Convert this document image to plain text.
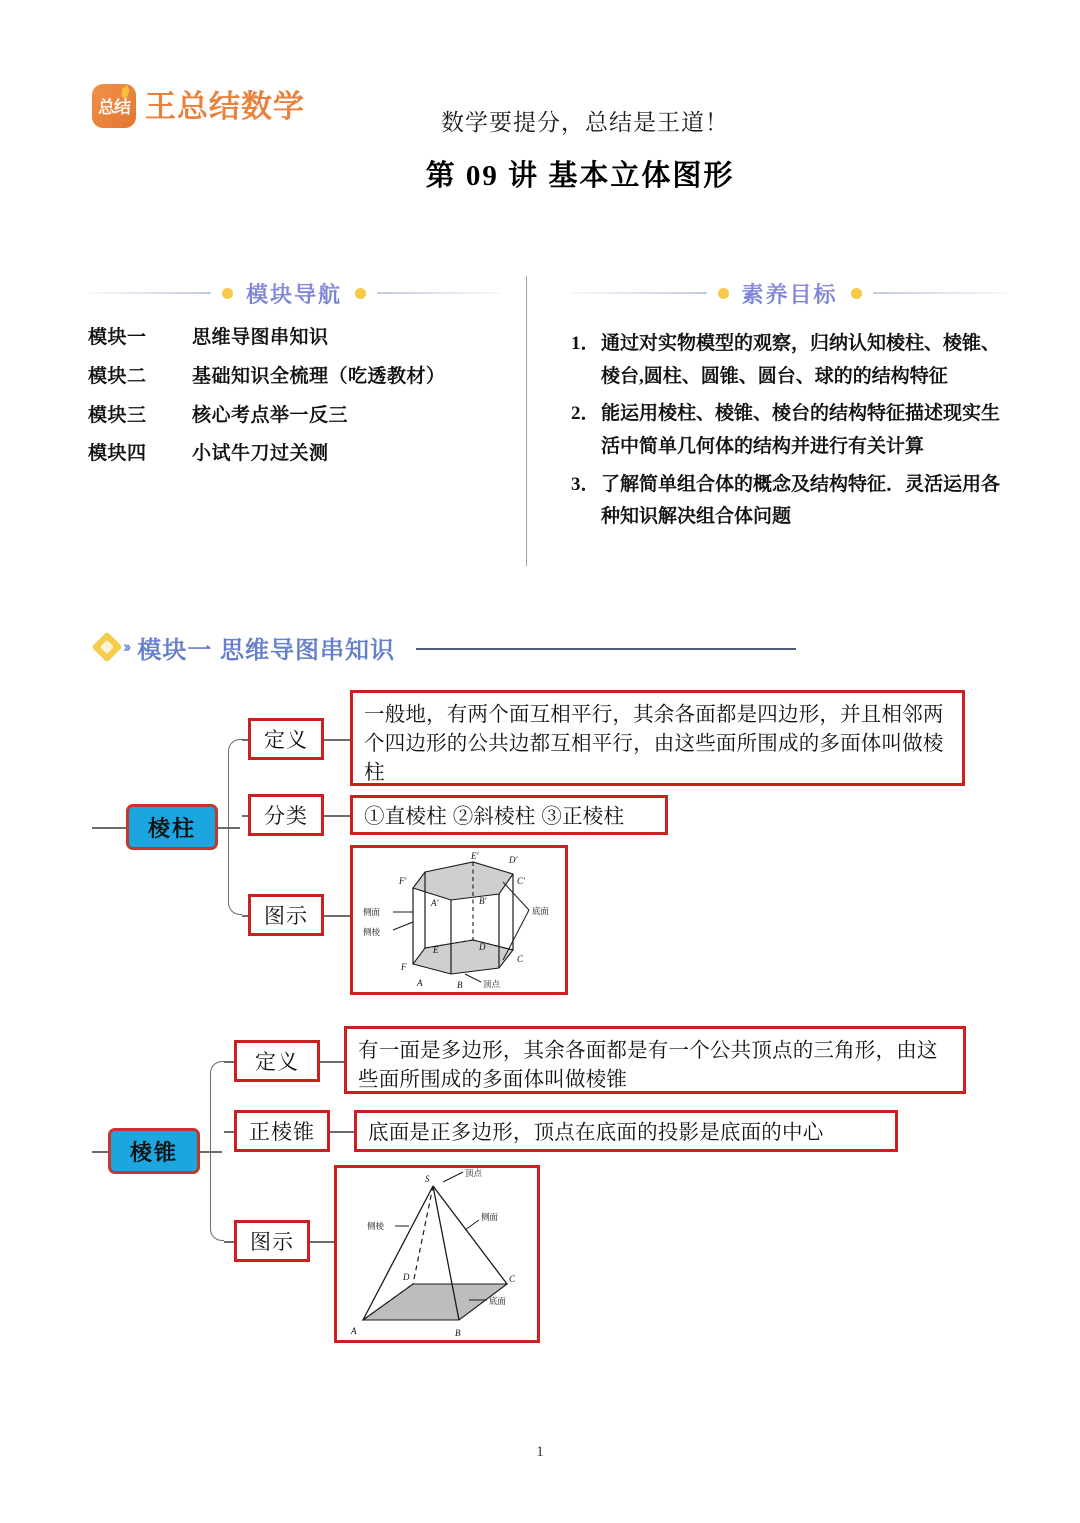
总结 王总结数学	数学要提分，总结是王道！
第 09 讲 基本立体图形
模块导航
模块一	思维导图串知识
模块二	基础知识全梳理（吃透教材）
模块三	核心考点举一反三
模块四	小试牛刀过关测
素养目标
1． 通过对实物模型的观察，归纳认知棱柱、棱锥、棱台,圆柱、圆锥、圆台、球的的结构特征
2． 能运用棱柱、棱锥、棱台的结构特征描述现实生活中简单几何体的结构并进行有关计算
3． 了解简单组合体的概念及结构特征．灵活运用各种知识解决组合体问题
›› 模块一 思维导图串知识
棱柱
定义
一般地，有两个面互相平行，其余各面都是四边形，并且相邻两个四边形的公共边都互相平行，由这些面所围成的多面体叫做棱柱
分类	①直棱柱 ②斜棱柱 ③正棱柱
图示
E′	D′
F′	C′
A′	B′
E	D
F
C
A	B
侧面
侧棱
底面
顶点
棱锥
定义
有一面是多边形，其余各面都是有一个公共顶点的三角形，由这些面所围成的多面体叫做棱锥
正棱锥	底面是正多边形，顶点在底面的投影是底面的中心
图示
S
A	B
C
D
顶点
侧棱
侧面
底面
1
